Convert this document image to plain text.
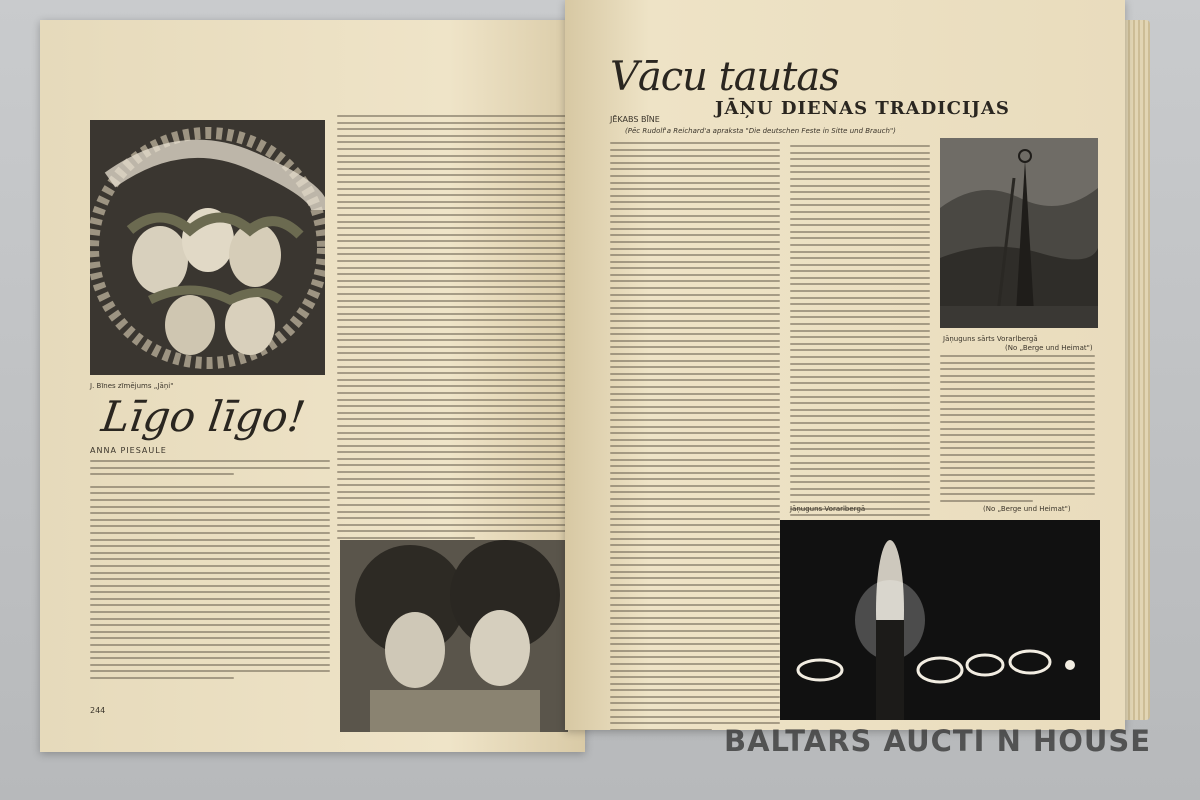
J. Bīnes zīmējums „Jāņi"
Līgo līgo!
ANNA PIESAULE
244
Vācu tautas
JĀŅU DIENAS TRADICIJAS
JĒKABS BĪNE
(Pēc Rudolf'a Reichard'a apraksta "Die deutschen Feste in Sitte und Brauch")
Jāņuguns sārts Vorarlbergā
(No „Berge und Heimat")
Jāņuguns Vorarlbergā	(No „Berge und Heimat")
BALTARS AUCTI N HOUSE
